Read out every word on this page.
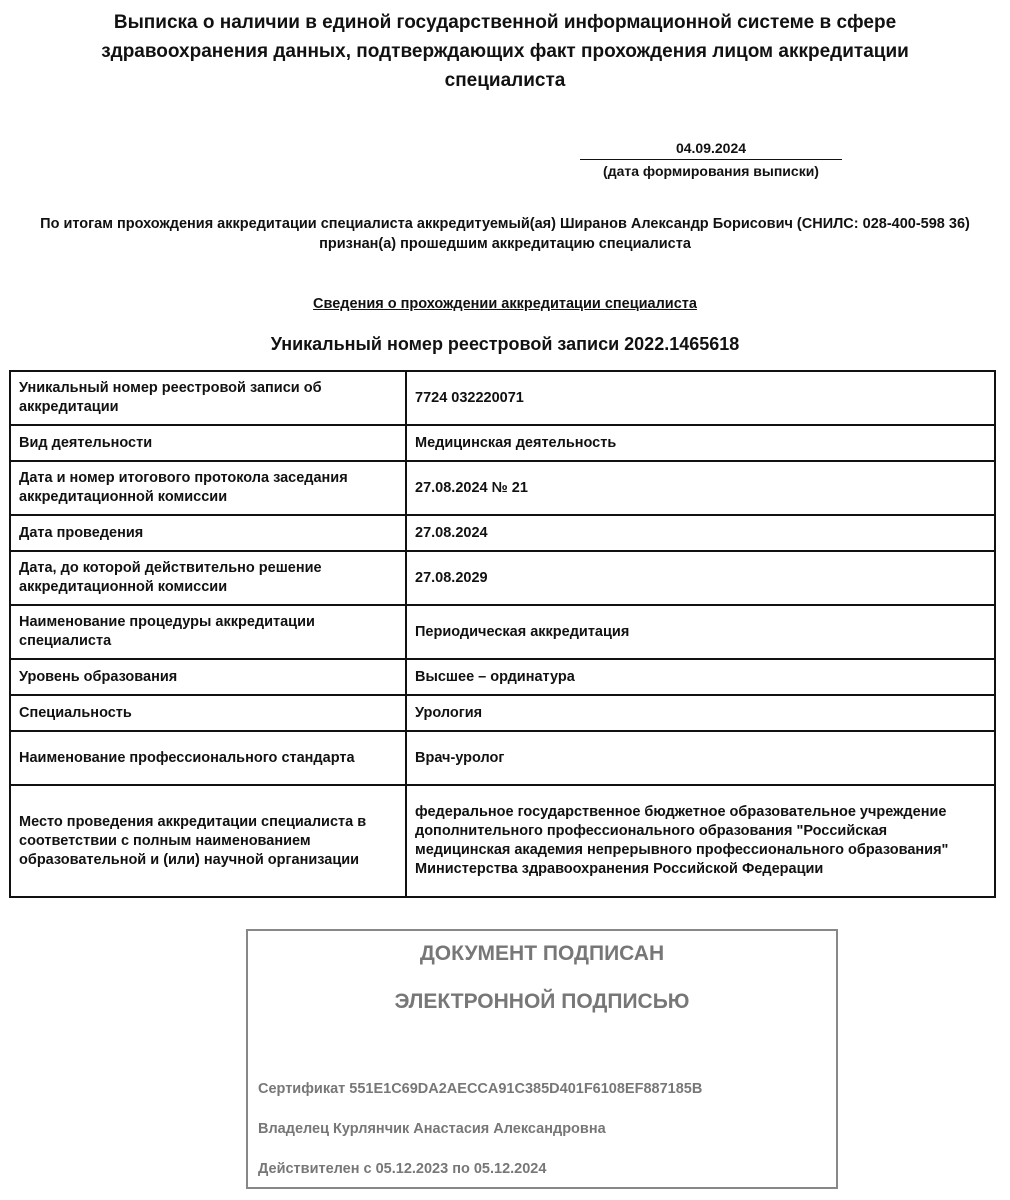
Выписка о наличии в единой государственной информационной системе в сфере здравоохранения данных, подтверждающих факт прохождения лицом аккредитации специалиста
04.09.2024
(дата формирования выписки)

По итогам прохождения аккредитации специалиста аккредитуемый(ая) Ширанов Александр Борисович (СНИЛС: 028-400-598 36) признан(а) прошедшим аккредитацию специалиста

Сведения о прохождении аккредитации специалиста
Уникальный номер реестровой записи 2022.1465618
Уникальный номер реестровой записи об аккредитации	7724 032220071
Вид деятельности	Медицинская деятельность
Дата и номер итогового протокола заседания аккредитационной комиссии	27.08.2024 № 21
Дата проведения	27.08.2024
Дата, до которой действительно решение аккредитационной комиссии	27.08.2029
Наименование процедуры аккредитации специалиста	Периодическая аккредитация
Уровень образования	Высшее – ординатура
Специальность	Урология
Наименование профессионального стандарта	Врач-уролог
Место проведения аккредитации специалиста в соответствии с полным наименованием образовательной и (или) научной организации	федеральное государственное бюджетное образовательное учреждение дополнительного профессионального образования "Российская медицинская академия непрерывного профессионального образования" Министерства здравоохранения Российской Федерации
ДОКУМЕНТ ПОДПИСАН
ЭЛЕКТРОННОЙ ПОДПИСЬЮ
Сертификат 551E1C69DA2AECCA91C385D401F6108EF887185B
Владелец Курлянчик Анастасия Александровна
Действителен с 05.12.2023 по 05.12.2024
